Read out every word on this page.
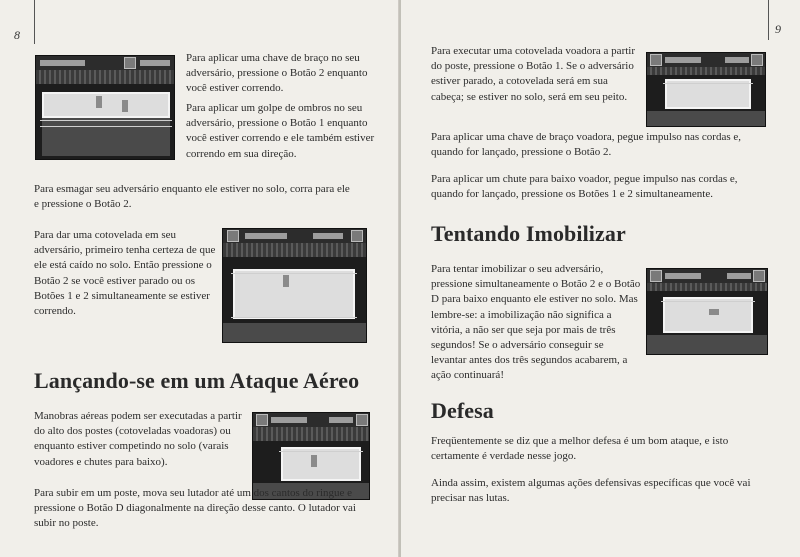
8

Para aplicar uma chave de braço no seu adversário, pressione o Botão 2 enquanto você estiver correndo.

Para aplicar um golpe de ombros no seu adversário, pressione o Botão 1 enquanto você estiver correndo e ele também estiver correndo em sua direção.

Para esmagar seu adversário enquanto ele estiver no solo, corra para ele e pressione o Botão 2.

Para dar uma cotovelada em seu adversário, primeiro tenha certeza de que ele está caído no solo. Então pressione o Botão 2 se você estiver parado ou os Botões 1 e 2 simultaneamente se estiver correndo.

Lançando-se em um Ataque Aéreo

Manobras aéreas podem ser executadas a partir do alto dos postes (cotoveladas voadoras) ou enquanto estiver competindo no solo (varais voadores e chutes para baixo).

Para subir em um poste, mova seu lutador até um dos cantos do ringue e pressione o Botão D diagonalmente na direção desse canto. O lutador vai subir no poste.

9

Para executar uma cotovelada voadora a partir do poste, pressione o Botão 1. Se o adversário estiver parado, a cotovelada será em sua cabeça; se estiver no solo, será em seu peito.

Para aplicar uma chave de braço voadora, pegue impulso nas cordas e, quando for lançado, pressione o Botão 2.

Para aplicar um chute para baixo voador, pegue impulso nas cordas e, quando for lançado, pressione os Botões 1 e 2 simultaneamente.

Tentando Imobilizar

Para tentar imobilizar o seu adversário, pressione simultaneamente o Botão 2 e o Botão D para baixo enquanto ele estiver no solo. Mas lembre-se: a imobilização não significa a vitória, a não ser que seja por mais de três segundos! Se o adversário conseguir se levantar antes dos três segundos acabarem, a ação continuará!

Defesa

Freqüentemente se diz que a melhor defesa é um bom ataque, e isto certamente é verdade nesse jogo.

Ainda assim, existem algumas ações defensivas específicas que você vai precisar nas lutas.
